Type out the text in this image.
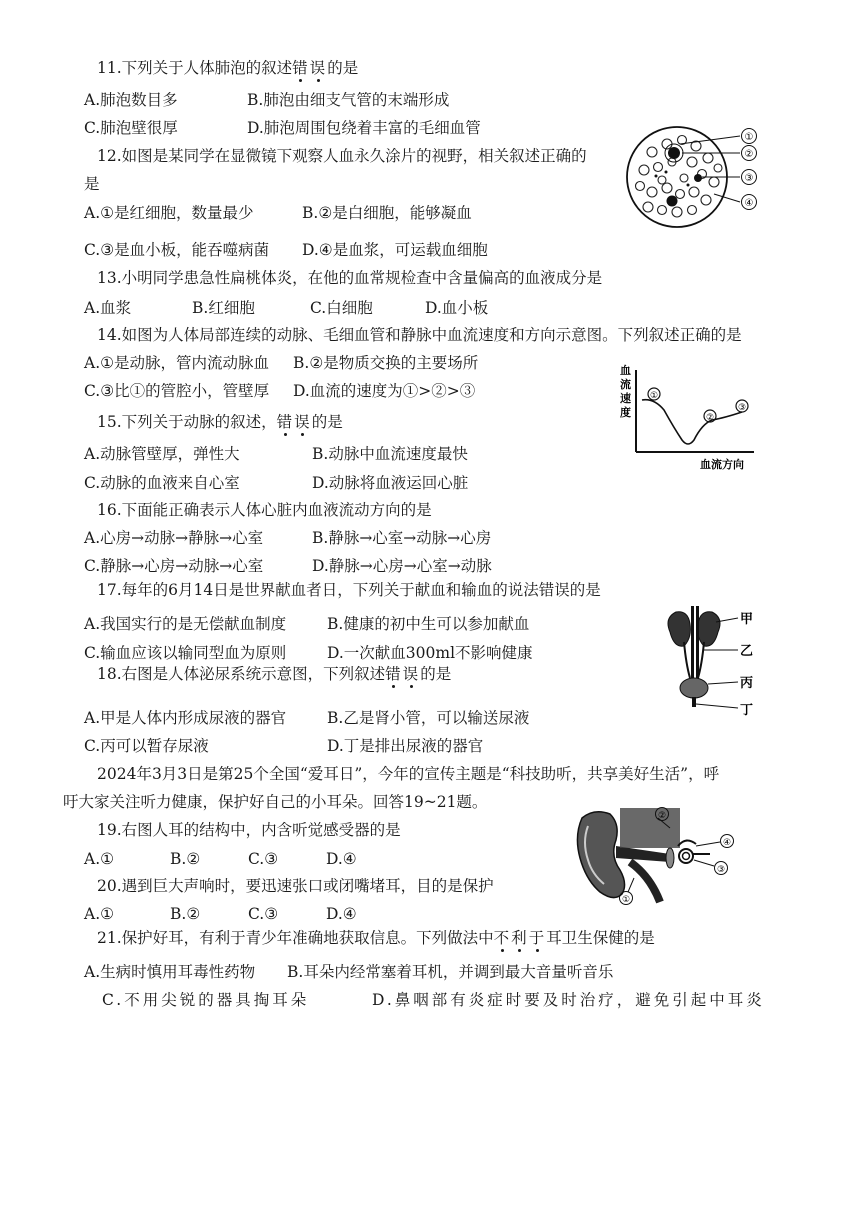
11.下列关于人体肺泡的叙述错误的是
A.肺泡数目多	B.肺泡由细支气管的末端形成
C.肺泡壁很厚	D.肺泡周围包绕着丰富的毛细血管
①
②
③
④
12.如图是某同学在显微镜下观察人血永久涂片的视野，相关叙述正确的
是
A.①是红细胞，数量最少	B.②是白细胞，能够凝血
C.③是血小板，能吞噬病菌 D.④是血浆，可运载血细胞
13.小明同学患急性扁桃体炎，在他的血常规检查中含量偏高的血液成分是
A.血浆	B.红细胞	C.白细胞	D.血小板
14.如图为人体局部连续的动脉、毛细血管和静脉中血流速度和方向示意图。下列叙述正确的是
A.①是动脉，管内流动脉血 B.②是物质交换的主要场所
C.③比①的管腔小，管壁厚 D.血流的速度为①>②>③
血
流
速
度
①
②
③
血流方向
15.下列关于动脉的叙述，错误的是
A.动脉管壁厚，弹性大	B.动脉中血流速度最快
C.动脉的血液来自心室	D.动脉将血液运回心脏
16.下面能正确表示人体心脏内血液流动方向的是
A.心房→动脉→静脉→心室	B.静脉→心室→动脉→心房
C.静脉→心房→动脉→心室	D.静脉→心房→心室→动脉
17.每年的6月14日是世界献血者日，下列关于献血和输血的说法错误的是
A.我国实行的是无偿献血制度	B.健康的初中生可以参加献血
C.输血应该以输同型血为原则	D.一次献血300ml不影响健康
甲
乙
丙
丁
18.右图是人体泌尿系统示意图，下列叙述错误的是
A.甲是人体内形成尿液的器官	B.乙是肾小管，可以输送尿液
C.丙可以暂存尿液	D.丁是排出尿液的器官
2024年3月3日是第25个全国“爱耳日”，今年的宣传主题是“科技助听，共享美好生活”，呼
吁大家关注听力健康，保护好自己的小耳朵。回答19~21题。
②
④
③
①
19.右图人耳的结构中，内含听觉感受器的是
A.①	B.②	C.③	D.④
20.遇到巨大声响时，要迅速张口或闭嘴堵耳，目的是保护
A.①	B.②	C.③	D.④
21.保护好耳，有利于青少年准确地获取信息。下列做法中不利于耳卫生保健的是
A.生病时慎用耳毒性药物 B.耳朵内经常塞着耳机，并调到最大音量听音乐
C.不用尖锐的器具掏耳朵	D.鼻咽部有炎症时要及时治疗，避免引起中耳炎
